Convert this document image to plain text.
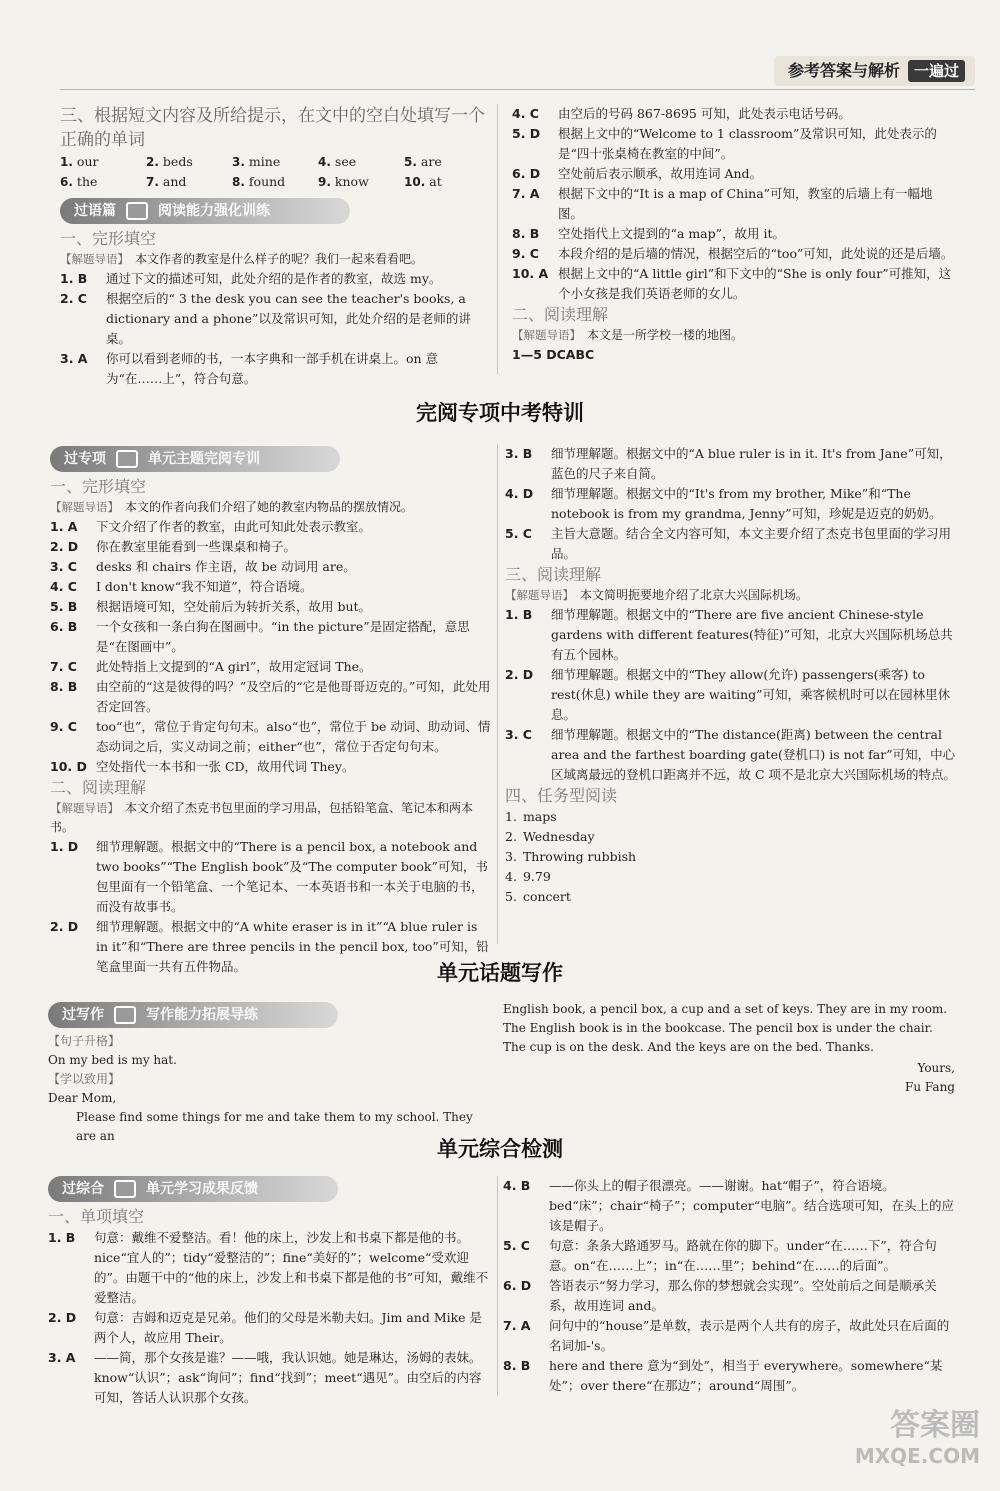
参考答案与解析 一遍过
三、根据短文内容及所给提示，在文中的空白处填写一个正确的单词
1. our	2. beds	3. mine	4. see	5. are
6. the	7. and	8. found	9. know	10. at
过语篇	阅读能力强化训练
一、完形填空
【解题导语】 本文作者的教室是什么样子的呢？我们一起来看看吧。
1. B	通过下文的描述可知，此处介绍的是作者的教室，故选 my。
2. C	根据空后的“ 3 the desk you can see the teacher's books, a dictionary and a phone”以及常识可知，此处介绍的是老师的讲桌。
3. A	你可以看到老师的书，一本字典和一部手机在讲桌上。on 意为“在……上”，符合句意。
4. C	由空后的号码 867-8695 可知，此处表示电话号码。
5. D	根据上文中的“Welcome to 1 classroom”及常识可知，此处表示的是“四十张桌椅在教室的中间”。
6. D	空处前后表示顺承，故用连词 And。
7. A	根据下文中的“It is a map of China”可知，教室的后墙上有一幅地图。
8. B	空处指代上文提到的“a map”，故用 it。
9. C	本段介绍的是后墙的情况，根据空后的“too”可知，此处说的还是后墙。
10. A 根据上文中的“A little girl”和下文中的“She is only four”可推知，这个小女孩是我们英语老师的女儿。
二、阅读理解
【解题导语】 本文是一所学校一楼的地图。
1—5 DCABC
完阅专项中考特训
过专项	单元主题完阅专训
一、完形填空
【解题导语】 本文的作者向我们介绍了她的教室内物品的摆放情况。
1. A	下文介绍了作者的教室，由此可知此处表示教室。
2. D	你在教室里能看到一些课桌和椅子。
3. C	desks 和 chairs 作主语，故 be 动词用 are。
4. C	I don't know“我不知道”，符合语境。
5. B	根据语境可知，空处前后为转折关系，故用 but。
6. B	一个女孩和一条白狗在图画中。“in the picture”是固定搭配，意思是“在图画中”。
7. C	此处特指上文提到的“A girl”，故用定冠词 The。
8. B	由空前的“这是彼得的吗？”及空后的“它是他哥哥迈克的。”可知，此处用否定回答。
9. C	too“也”，常位于肯定句句末。also“也”，常位于 be 动词、助动词、情态动词之后，实义动词之前；either“也”，常位于否定句句末。
10. D 空处指代一本书和一张 CD，故用代词 They。
二、阅读理解
【解题导语】 本文介绍了杰克书包里面的学习用品，包括铅笔盒、笔记本和两本书。
1. D	细节理解题。根据文中的“There is a pencil box, a notebook and two books”“The English book”及“The computer book”可知，书包里面有一个铅笔盒、一个笔记本、一本英语书和一本关于电脑的书，而没有故事书。
2. D	细节理解题。根据文中的“A white eraser is in it”“A blue ruler is in it”和“There are three pencils in the pencil box, too”可知，铅笔盒里面一共有五件物品。
3. B	细节理解题。根据文中的“A blue ruler is in it. It's from Jane”可知，蓝色的尺子来自简。
4. D	细节理解题。根据文中的“It's from my brother, Mike”和“The notebook is from my grandma, Jenny”可知，珍妮是迈克的奶奶。
5. C	主旨大意题。结合全文内容可知，本文主要介绍了杰克书包里面的学习用品。
三、阅读理解
【解题导语】 本文简明扼要地介绍了北京大兴国际机场。
1. B	细节理解题。根据文中的“There are five ancient Chinese-style gardens with different features(特征)”可知，北京大兴国际机场总共有五个园林。
2. D	细节理解题。根据文中的“They allow(允许) passengers(乘客) to rest(休息) while they are waiting”可知，乘客候机时可以在园林里休息。
3. C	细节理解题。根据文中的“The distance(距离) between the central area and the farthest boarding gate(登机口) is not far”可知，中心区域离最远的登机口距离并不远，故 C 项不是北京大兴国际机场的特点。
四、任务型阅读
1. maps
2. Wednesday
3. Throwing rubbish
4. 9.79
5. concert
单元话题写作
过写作	写作能力拓展导练
【句子升格】
On my bed is my hat.
【学以致用】
Dear Mom,
Please find some things for me and take them to my school. They are an
English book, a pencil box, a cup and a set of keys. They are in my room. The English book is in the bookcase. The pencil box is under the chair. The cup is on the desk. And the keys are on the bed. Thanks.
Yours,
Fu Fang
单元综合检测
过综合	单元学习成果反馈
一、单项填空
1. B	句意：戴维不爱整洁。看！他的床上，沙发上和书桌下都是他的书。nice“宜人的”；tidy“爱整洁的”；fine“美好的”；welcome“受欢迎的”。由题干中的“他的床上，沙发上和书桌下都是他的书”可知，戴维不爱整洁。
2. D	句意：吉姆和迈克是兄弟。他们的父母是米勒夫妇。Jim and Mike 是两个人，故应用 Their。
3. A	——简，那个女孩是谁？——哦，我认识她。她是琳达，汤姆的表妹。know“认识”；ask“询问”；find“找到”；meet“遇见”。由空后的内容可知，答话人认识那个女孩。
4. B	——你头上的帽子很漂亮。——谢谢。hat“帽子”，符合语境。bed“床”；chair“椅子”；computer“电脑”。结合选项可知，在头上的应该是帽子。
5. C	句意：条条大路通罗马。路就在你的脚下。under“在……下”，符合句意。on“在……上”；in“在……里”；behind“在……的后面”。
6. D	答语表示“努力学习，那么你的梦想就会实现”。空处前后之间是顺承关系，故用连词 and。
7. A	问句中的“house”是单数，表示是两个人共有的房子，故此处只在后面的名词加-'s。
8. B	here and there 意为“到处”，相当于 everywhere。somewhere“某处”；over there“在那边”；around“周围”。
答案圈
MXQE.COM
